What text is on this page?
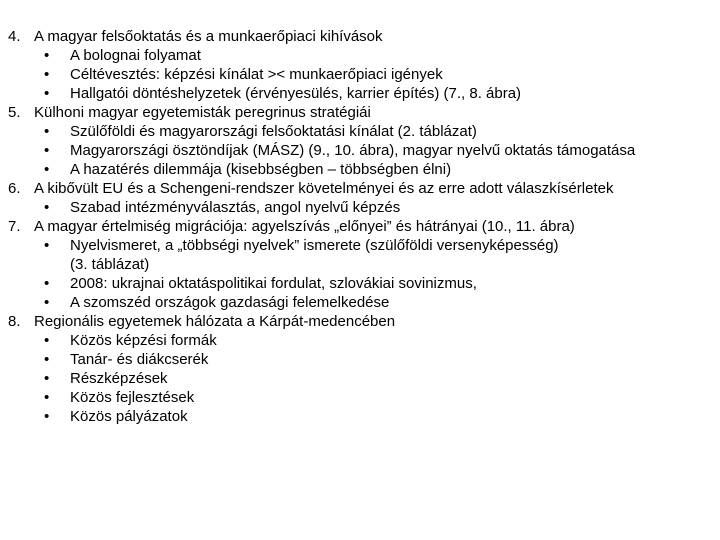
4. A magyar felsőoktatás és a munkaerőpiaci kihívások
• A bolognai folyamat
• Céltévesztés: képzési kínálat >< munkaerőpiaci igények
• Hallgatói döntéshelyzetek (érvényesülés, karrier építés) (7., 8. ábra)
5. Külhoni magyar egyetemisták peregrinus stratégiái
• Szülőföldi és magyarországi felsőoktatási kínálat (2. táblázat)
• Magyarországi ösztöndíjak (MÁSZ) (9., 10. ábra), magyar nyelvű oktatás támogatása
• A hazatérés dilemmája (kisebbségben – többségben élni)
6. A kibővült EU és a Schengeni-rendszer követelményei és az erre adott válaszkísérletek
• Szabad intézményválasztás, angol nyelvű képzés
7. A magyar értelmiség migrációja: agyelszívás „előnyei” és hátrányai (10., 11. ábra)
• Nyelvismeret, a „többségi nyelvek” ismerete (szülőföldi versenyképesség)
(3. táblázat)
• 2008: ukrajnai oktatáspolitikai fordulat, szlovákiai sovinizmus,
• A szomszéd országok gazdasági felemelkedése
8. Regionális egyetemek hálózata a Kárpát-medencében
• Közös képzési formák
• Tanár- és diákcserék
• Részképzések
• Közös fejlesztések
• Közös pályázatok
